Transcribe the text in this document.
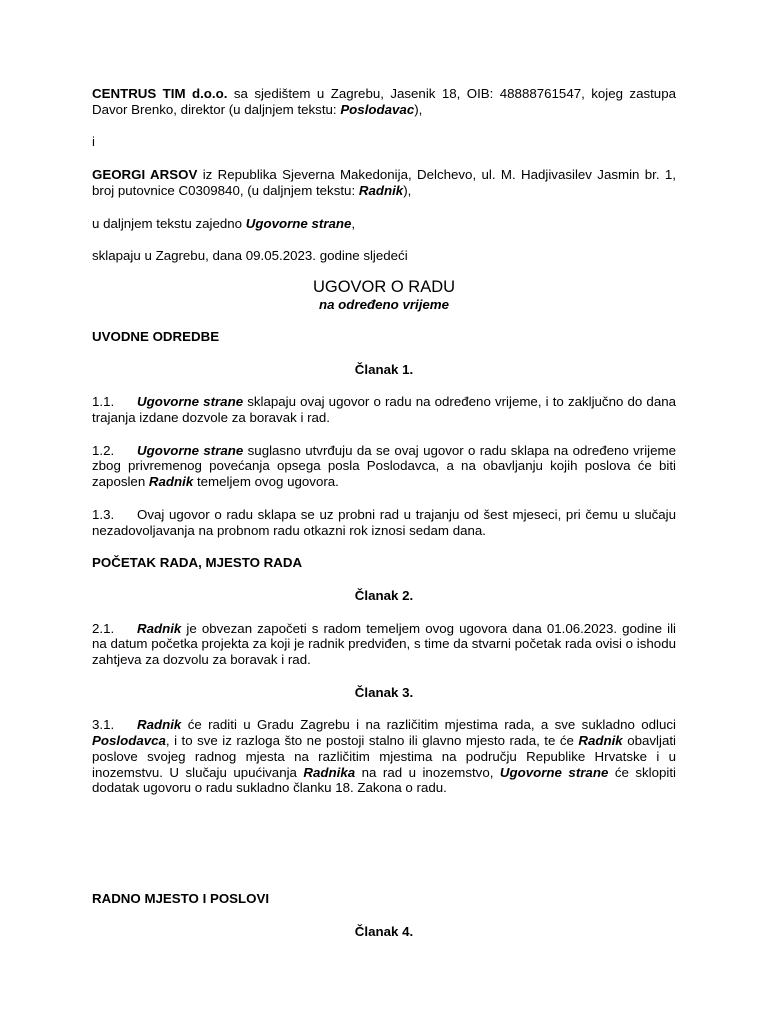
CENTRUS TIM d.o.o. sa sjedištem u Zagrebu, Jasenik 18, OIB: 48888761547, kojeg zastupa Davor Brenko, direktor (u daljnjem tekstu: Poslodavac),

i

GEORGI ARSOV iz Republika Sjeverna Makedonija, Delchevo, ul. M. Hadjivasilev Jasmin br. 1, broj putovnice C0309840, (u daljnjem tekstu: Radnik),

u daljnjem tekstu zajedno Ugovorne strane,

sklapaju u Zagrebu, dana 09.05.2023. godine sljedeći

UGOVOR O RADU
na određeno vrijeme

UVODNE ODREDBE

Članak 1.

1.1. Ugovorne strane sklapaju ovaj ugovor o radu na određeno vrijeme, i to zaključno do dana trajanja izdane dozvole za boravak i rad.

1.2. Ugovorne strane suglasno utvrđuju da se ovaj ugovor o radu sklapa na određeno vrijeme zbog privremenog povećanja opsega posla Poslodavca, a na obavljanju kojih poslova će biti zaposlen Radnik temeljem ovog ugovora.

1.3. Ovaj ugovor o radu sklapa se uz probni rad u trajanju od šest mjeseci, pri čemu u slučaju nezadovoljavanja na probnom radu otkazni rok iznosi sedam dana.

POČETAK RADA, MJESTO RADA

Članak 2.

2.1. Radnik je obvezan započeti s radom temeljem ovog ugovora dana 01.06.2023. godine ili na datum početka projekta za koji je radnik predviđen, s time da stvarni početak rada ovisi o ishodu zahtjeva za dozvolu za boravak i rad.

Članak 3.

3.1. Radnik će raditi u Gradu Zagrebu i na različitim mjestima rada, a sve sukladno odluci Poslodavca, i to sve iz razloga što ne postoji stalno ili glavno mjesto rada, te će Radnik obavljati poslove svojeg radnog mjesta na različitim mjestima na području Republike Hrvatske i u inozemstvu. U slučaju upućivanja Radnika na rad u inozemstvo, Ugovorne strane će sklopiti dodatak ugovoru o radu sukladno članku 18. Zakona o radu.

RADNO MJESTO I POSLOVI

Članak 4.
